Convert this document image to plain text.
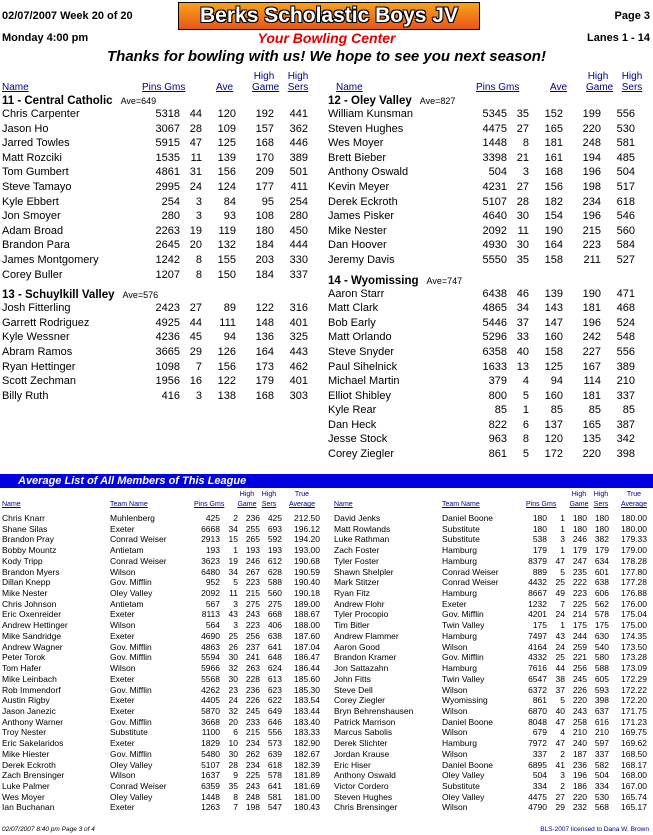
02/07/2007 Week 20 of 20	Berks Scholastic Boys JV	Page 3
Monday 4:00 pm	Your Bowling Center	Lanes 1 - 14
Thanks for bowling with us! We hope to see you next season!
Name	Pins Gms	Ave
High
Game
High
Sers	Name	Pins Gms	Ave
High
Game
High
Sers
11 - Central Catholic Ave=649
Chris Carpenter	5318 44 120 192 441
Jason Ho	3067 28 109 157 362
Jarred Towles	5915 47 125 168 446
Matt Rozciki	1535 11 139 170 389
Tom Gumbert	4861 31 156 209 501
Steve Tamayo	2995 24 124 177 411
Kyle Ebbert	254 3 84 95 254
Jon Smoyer	280 3 93 108 280
Adam Broad	2263 19 119 180 450
Brandon Para	2645 20 132 184 444
James Montgomery	1242 8 155 203 330
Corey Buller	1207 8 150 184 337
13 - Schuylkill Valley Ave=576
Josh Fitterling	2423 27 89 122 316
Garrett Rodriguez	4925 44 111 148 401
Kyle Wessner	4236 45 94 136 325
Abram Ramos	3665 29 126 164 443
Ryan Hettinger	1098 7 156 173 462
Scott Zechman	1956 16 122 179 401
Billy Ruth	416 3 138 168 303
12 - Oley Valley Ave=827
William Kunsman	5345 35 152 199 556
Steven Hughes	4475 27 165 220 530
Wes Moyer	1448 8 181 248 581
Brett Bieber	3398 21 161 194 485
Anthony Oswald	504 3 168 196 504
Kevin Meyer	4231 27 156 198 517
Derek Eckroth	5107 28 182 234 618
James Pisker	4640 30 154 196 546
Mike Nester	2092 11 190 215 560
Dan Hoover	4930 30 164 223 584
Jeremy Davis	5550 35 158 211 527
14 - Wyomissing Ave=747
Aaron Starr	6438 46 139 190 471
Matt Clark	4865 34 143 181 468
Bob Early	5446 37 147 196 524
Matt Orlando	5296 33 160 242 548
Steve Snyder	6358 40 158 227 556
Paul Sihelnick	1633 13 125 167 389
Michael Martin	379 4 94 114 210
Elliot Shibley	800 5 160 181 337
Kyle Rear	85 1 85 85 85
Dan Heck	822 6 137 165 387
Jesse Stock	963 8 120 135 342
Corey Ziegler	861 5 172 220 398
Average List of All Members of This League
Name	Team Name	Pins Gms
High
Game
High
Sers
True
Average	Name	Team Name	Pins Gms
High
Game
High
Sers
True
Average
Chris Knarr	Muhlenberg	425 2 236 425 212.50
Shane Silas	Exeter	6668 34 255 693 196.12
Brandon Pray	Conrad Weiser	2913 15 265 592 194.20
Bobby Mountz	Antietam	193 1 193 193 193.00
Kody Tripp	Conrad Weiser	3623 19 246 612 190.68
Brandon Myers	Wilson	6480 34 267 628 190.59
Dillan Knepp	Gov. Mifflin	952 5 223 588 190.40
Mike Nester	Oley Valley	2092 11 215 560 190.18
Chris Johnson	Antietam	567 3 275 275 189.00
Eric Oxenreider	Exeter	8113 43 243 668 188.67
Andrew Hettinger	Wilson	564 3 223 406 188.00
Mike Sandridge	Exeter	4690 25 256 638 187.60
Andrew Wagner	Gov. Mifflin	4863 26 237 641 187.04
Peter Torok	Gov. Mifflin	5594 30 241 648 186.47
Tom Hafer	Wilson	5966 32 263 624 186.44
Mike Leinbach	Exeter	5568 30 228 613 185.60
Rob Immendorf	Gov. Mifflin	4262 23 236 623 185.30
Austin Rigby	Exeter	4405 24 226 622 183.54
Jason Janezic	Exeter	5870 32 245 649 183.44
Anthony Warner	Gov. Mifflin	3668 20 233 646 183.40
Troy Nester	Substitute	1100 6 215 556 183.33
Eric Sakelaridos	Exeter	1829 10 234 573 182.90
Mike Hiester	Gov. Mifflin	5480 30 262 639 182.67
Derek Eckroth	Oley Valley	5107 28 234 618 182.39
Zach Brensinger	Wilson	1637 9 225 578 181.89
Luke Palmer	Conrad Weiser	6359 35 243 641 181.69
Wes Moyer	Oley Valley	1448 8 248 581 181.00
Ian Buchanan	Exeter	1263 7 198 547 180.43
David Jenks	Daniel Boone	180 1 180 180 180.00
Matt Rowlands	Substitute	180 1 180 180 180.00
Luke Rathman	Substitute	538 3 246 382 179.33
Zach Foster	Hamburg	179 1 179 179 179.00
Tyler Foster	Hamburg	8379 47 247 634 178.28
Shawn Shelpler	Conrad Weiser	889 5 235 601 177.80
Mark Stitzer	Conrad Weiser	4432 25 222 638 177.28
Ryan Fitz	Hamburg	8667 49 223 606 176.88
Andrew Flohr	Exeter	1232 7 225 562 176.00
Tyler Procopio	Gov. Mifflin	4201 24 214 578 175.04
Tim Bitler	Twin Valley	175 1 175 175 175.00
Andrew Flammer	Hamburg	7497 43 244 630 174.35
Aaron Good	Wilson	4164 24 259 540 173.50
Brandon Kramer	Gov. Mifflin	4332 25 221 580 173.28
Jon Sattazahn	Hamburg	7616 44 256 588 173.09
John Fitts	Twin Valley	6547 38 245 605 172.29
Steve Dell	Wilson	6372 37 226 593 172.22
Corey Ziegler	Wyomissing	861 5 220 398 172.20
Bryn Behrenshausen	Wilson	6870 40 243 637 171.75
Patrick Marrison	Daniel Boone	8048 47 258 616 171.23
Marcus Sabolis	Wilson	679 4 210 210 169.75
Derek Slichter	Hamburg	7972 47 240 597 169.62
Jordan Krause	Wilson	337 2 187 337 168.50
Eric Hiser	Daniel Boone	6895 41 236 582 168.17
Anthony Oswald	Oley Valley	504 3 196 504 168.00
Victor Cordero	Substitute	334 2 186 334 167.00
Steven Hughes	Oley Valley	4475 27 220 530 165.74
Chris Brensinger	Wilson	4790 29 232 568 165.17
02/07/2007 8:40 pm Page 3 of 4	BLS-2007 licensed to Dana W. Brown
